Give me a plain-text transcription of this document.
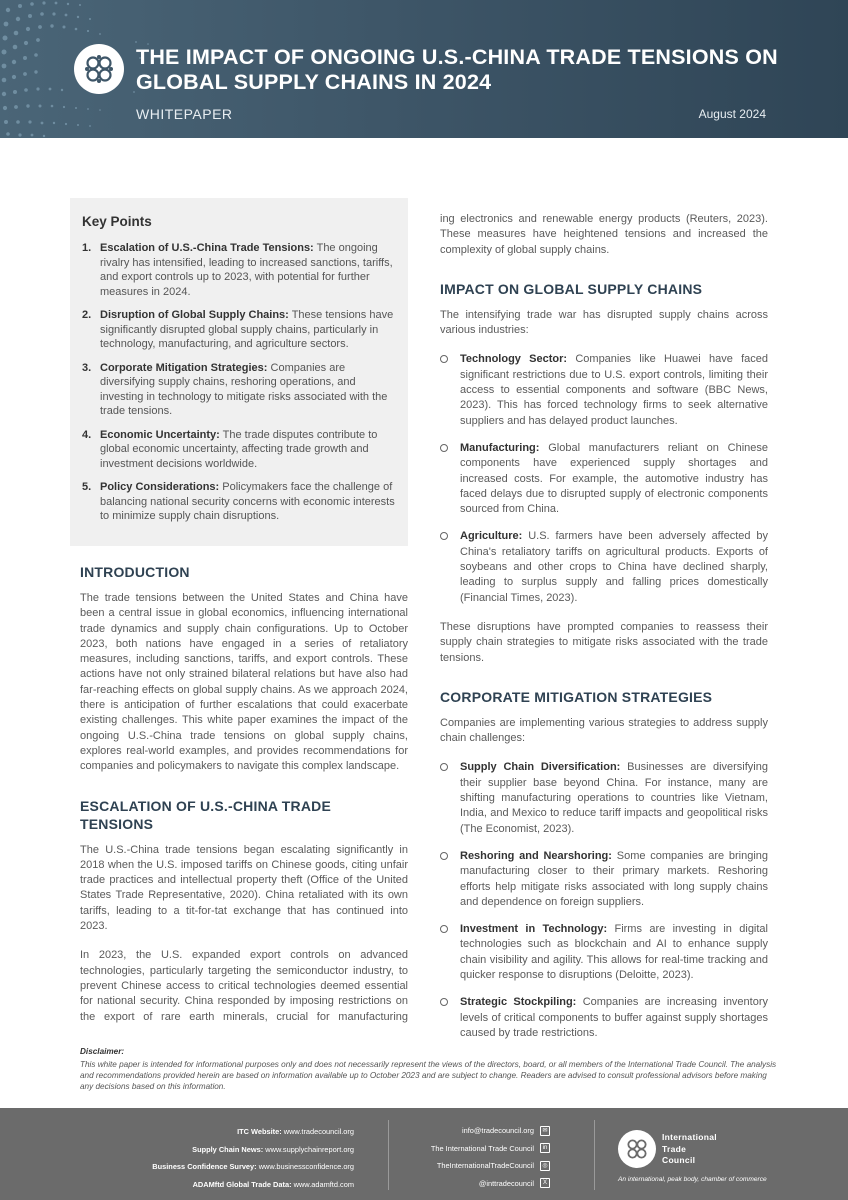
THE IMPACT OF ONGOING U.S.-CHINA TRADE TENSIONS ON GLOBAL SUPPLY CHAINS IN 2024
WHITEPAPER	August 2024
Key Points
1. Escalation of U.S.-China Trade Tensions: The ongoing rivalry has intensified, leading to increased sanctions, tariffs, and export controls up to 2023, with potential for further measures in 2024.
2. Disruption of Global Supply Chains: These tensions have significantly disrupted global supply chains, particularly in technology, manufacturing, and agriculture sectors.
3. Corporate Mitigation Strategies: Companies are diversifying supply chains, reshoring operations, and investing in technology to mitigate risks associated with the trade tensions.
4. Economic Uncertainty: The trade disputes contribute to global economic uncertainty, affecting trade growth and investment decisions worldwide.
5. Policy Considerations: Policymakers face the challenge of balancing national security concerns with economic interests to minimize supply chain disruptions.
INTRODUCTION

The trade tensions between the United States and China have been a central issue in global economics, influencing international trade dynamics and supply chain configurations. Up to October 2023, both nations have engaged in a series of retaliatory measures, including sanctions, tariffs, and export controls. These actions have not only strained bilateral relations but have also had far-reaching effects on global supply chains. As we approach 2024, there is anticipation of further escalations that could exacerbate existing challenges. This white paper examines the impact of the ongoing U.S.-China trade tensions on global supply chains, explores real-world examples, and provides recommendations for companies and policymakers to navigate this complex landscape.

ESCALATION OF U.S.-CHINA TRADE TENSIONS

The U.S.-China trade tensions began escalating significantly in 2018 when the U.S. imposed tariffs on Chinese goods, citing unfair trade practices and intellectual property theft (Office of the United States Trade Representative, 2020). China retaliated with its own tariffs, leading to a tit-for-tat exchange that has continued into 2023.

In 2023, the U.S. expanded export controls on advanced technologies, particularly targeting the semiconductor industry, to prevent Chinese access to critical technologies deemed essential for national security. China responded by imposing restrictions on the export of rare earth minerals, crucial for manufacturing

ing electronics and renewable energy products (Reuters, 2023). These measures have heightened tensions and increased the complexity of global supply chains.

IMPACT ON GLOBAL SUPPLY CHAINS

The intensifying trade war has disrupted supply chains across various industries:

Technology Sector: Companies like Huawei have faced significant restrictions due to U.S. export controls, limiting their access to essential components and software (BBC News, 2023). This has forced technology firms to seek alternative suppliers and has delayed product launches.
Manufacturing: Global manufacturers reliant on Chinese components have experienced supply shortages and increased costs. For example, the automotive industry has faced delays due to disrupted supply of electronic components sourced from China.
Agriculture: U.S. farmers have been adversely affected by China's retaliatory tariffs on agricultural products. Exports of soybeans and other crops to China have declined sharply, leading to surplus supply and falling prices domestically (Financial Times, 2023).

These disruptions have prompted companies to reassess their supply chain strategies to mitigate risks associated with the trade tensions.

CORPORATE MITIGATION STRATEGIES

Companies are implementing various strategies to address supply chain challenges:

Supply Chain Diversification: Businesses are diversifying their supplier base beyond China. For instance, many are shifting manufacturing operations to countries like Vietnam, India, and Mexico to reduce tariff impacts and geopolitical risks (The Economist, 2023).
Reshoring and Nearshoring: Some companies are bringing manufacturing closer to their primary markets. Reshoring efforts help mitigate risks associated with long supply chains and dependence on foreign suppliers.
Investment in Technology: Firms are investing in digital technologies such as blockchain and AI to enhance supply chain visibility and agility. This allows for real-time tracking and quicker response to disruptions (Deloitte, 2023).
Strategic Stockpiling: Companies are increasing inventory levels of critical components to buffer against supply shortages caused by trade restrictions.
Disclaimer:
This white paper is intended for informational purposes only and does not necessarily represent the views of the directors, board, or all members of the International Trade Council. The analysis and recommendations provided herein are based on information available up to October 2023 and are subject to change. Readers are advised to consult professional advisors before making any decisions based on this information.
ITC Website: www.tradecouncil.org
Supply Chain News: www.supplychainreport.org
Business Confidence Survey: www.businessconfidence.org
ADAMftd Global Trade Data: www.adamftd.com
info@tradecouncil.org	✉
The International Trade Council	in
TheInternationalTradeCouncil	◎
@inttradecouncil	X
International
Trade
Council
An international, peak body, chamber of commerce
